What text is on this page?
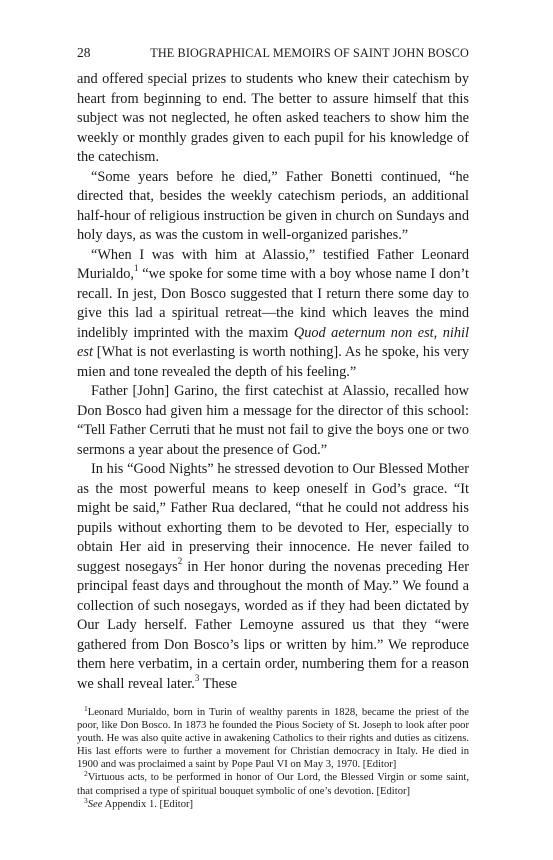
28	THE BIOGRAPHICAL MEMOIRS OF SAINT JOHN BOSCO

and offered special prizes to students who knew their catechism by heart from beginning to end. The better to assure himself that this subject was not neglected, he often asked teachers to show him the weekly or monthly grades given to each pupil for his knowledge of the catechism.

“Some years before he died,” Father Bonetti continued, “he directed that, besides the weekly catechism periods, an additional half-hour of religious instruction be given in church on Sundays and holy days, as was the custom in well-organized parishes.”

“When I was with him at Alassio,” testified Father Leonard Murialdo,$^1$ “we spoke for some time with a boy whose name I don’t recall. In jest, Don Bosco suggested that I return there some day to give this lad a spiritual retreat—the kind which leaves the mind indelibly imprinted with the maxim Quod aeternum non est, nihil est [What is not everlasting is worth nothing]. As he spoke, his very mien and tone revealed the depth of his feeling.”

Father [John] Garino, the first catechist at Alassio, recalled how Don Bosco had given him a message for the director of this school: “Tell Father Cerruti that he must not fail to give the boys one or two sermons a year about the presence of God.”

In his “Good Nights” he stressed devotion to Our Blessed Mother as the most powerful means to keep oneself in God’s grace. “It might be said,” Father Rua declared, “that he could not address his pupils without exhorting them to be devoted to Her, especially to obtain Her aid in preserving their innocence. He never failed to suggest nosegays$^2$ in Her honor during the novenas preceding Her principal feast days and throughout the month of May.” We found a collection of such nosegays, worded as if they had been dictated by Our Lady herself. Father Lemoyne assured us that they “were gathered from Don Bosco’s lips or written by him.” We reproduce them here verbatim, in a certain order, numbering them for a reason we shall reveal later.$^3$ These

$^1$Leonard Murialdo, born in Turin of wealthy parents in 1828, became the priest of the poor, like Don Bosco. In 1873 he founded the Pious Society of St. Joseph to look after poor youth. He was also quite active in awakening Catholics to their rights and duties as citizens. His last efforts were to further a movement for Christian democracy in Italy. He died in 1900 and was proclaimed a saint by Pope Paul VI on May 3, 1970. [Editor]

$^2$Virtuous acts, to be performed in honor of Our Lord, the Blessed Virgin or some saint, that comprised a type of spiritual bouquet symbolic of one’s devotion. [Editor]

$^3$See Appendix 1. [Editor]
